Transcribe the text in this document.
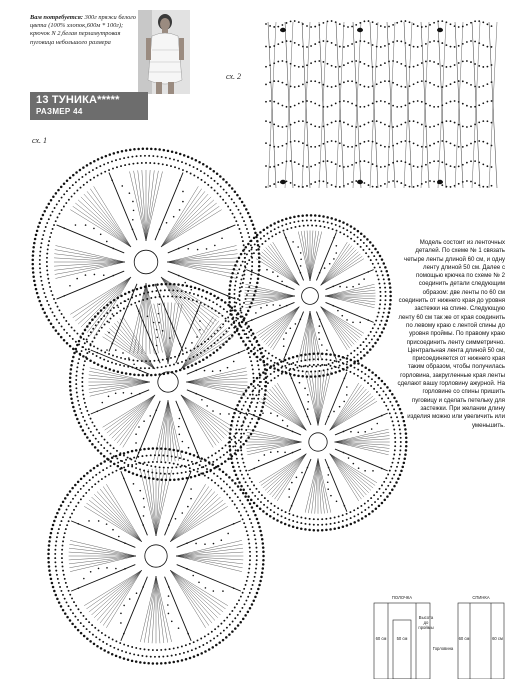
Вам потребуется: 300г пряжи белого цвета (100% хлопок,600м * 100г); крючок N 2,белая перламутровая пуговица небольшого размера
13 ТУНИКА*****
РАЗМЕР 44
сх. 2
сх. 1
Модель состоит из ленточных деталей. По схеме № 1 связать четыре ленты длиной 60 см, и одну ленту длиной 50 см. Далее с помощью крючка по схеме № 2 соединить детали следующим образом: две ленты по 60 см соединить от нижнего края до уровня застежки на спине. Следующую ленту 60 см так же от края соединить по левому краю с лентой спины до уровня проймы. По правому краю присоединить ленту симметрично. Центральная лента длиной 50 см, присоединяется от нижнего края таким образом, чтобы получилась горловина, закругленные края ленты сделают вашу горловину ажурной. На горловине со спины пришить пуговицу и сделать петельку для застежки. При желании длину изделия можно или увеличить или уменьшить.
ПОЛОЧКА	СПИНКА
60 см	50 см	60 см	60 см
Высота до проймы
Горловина
